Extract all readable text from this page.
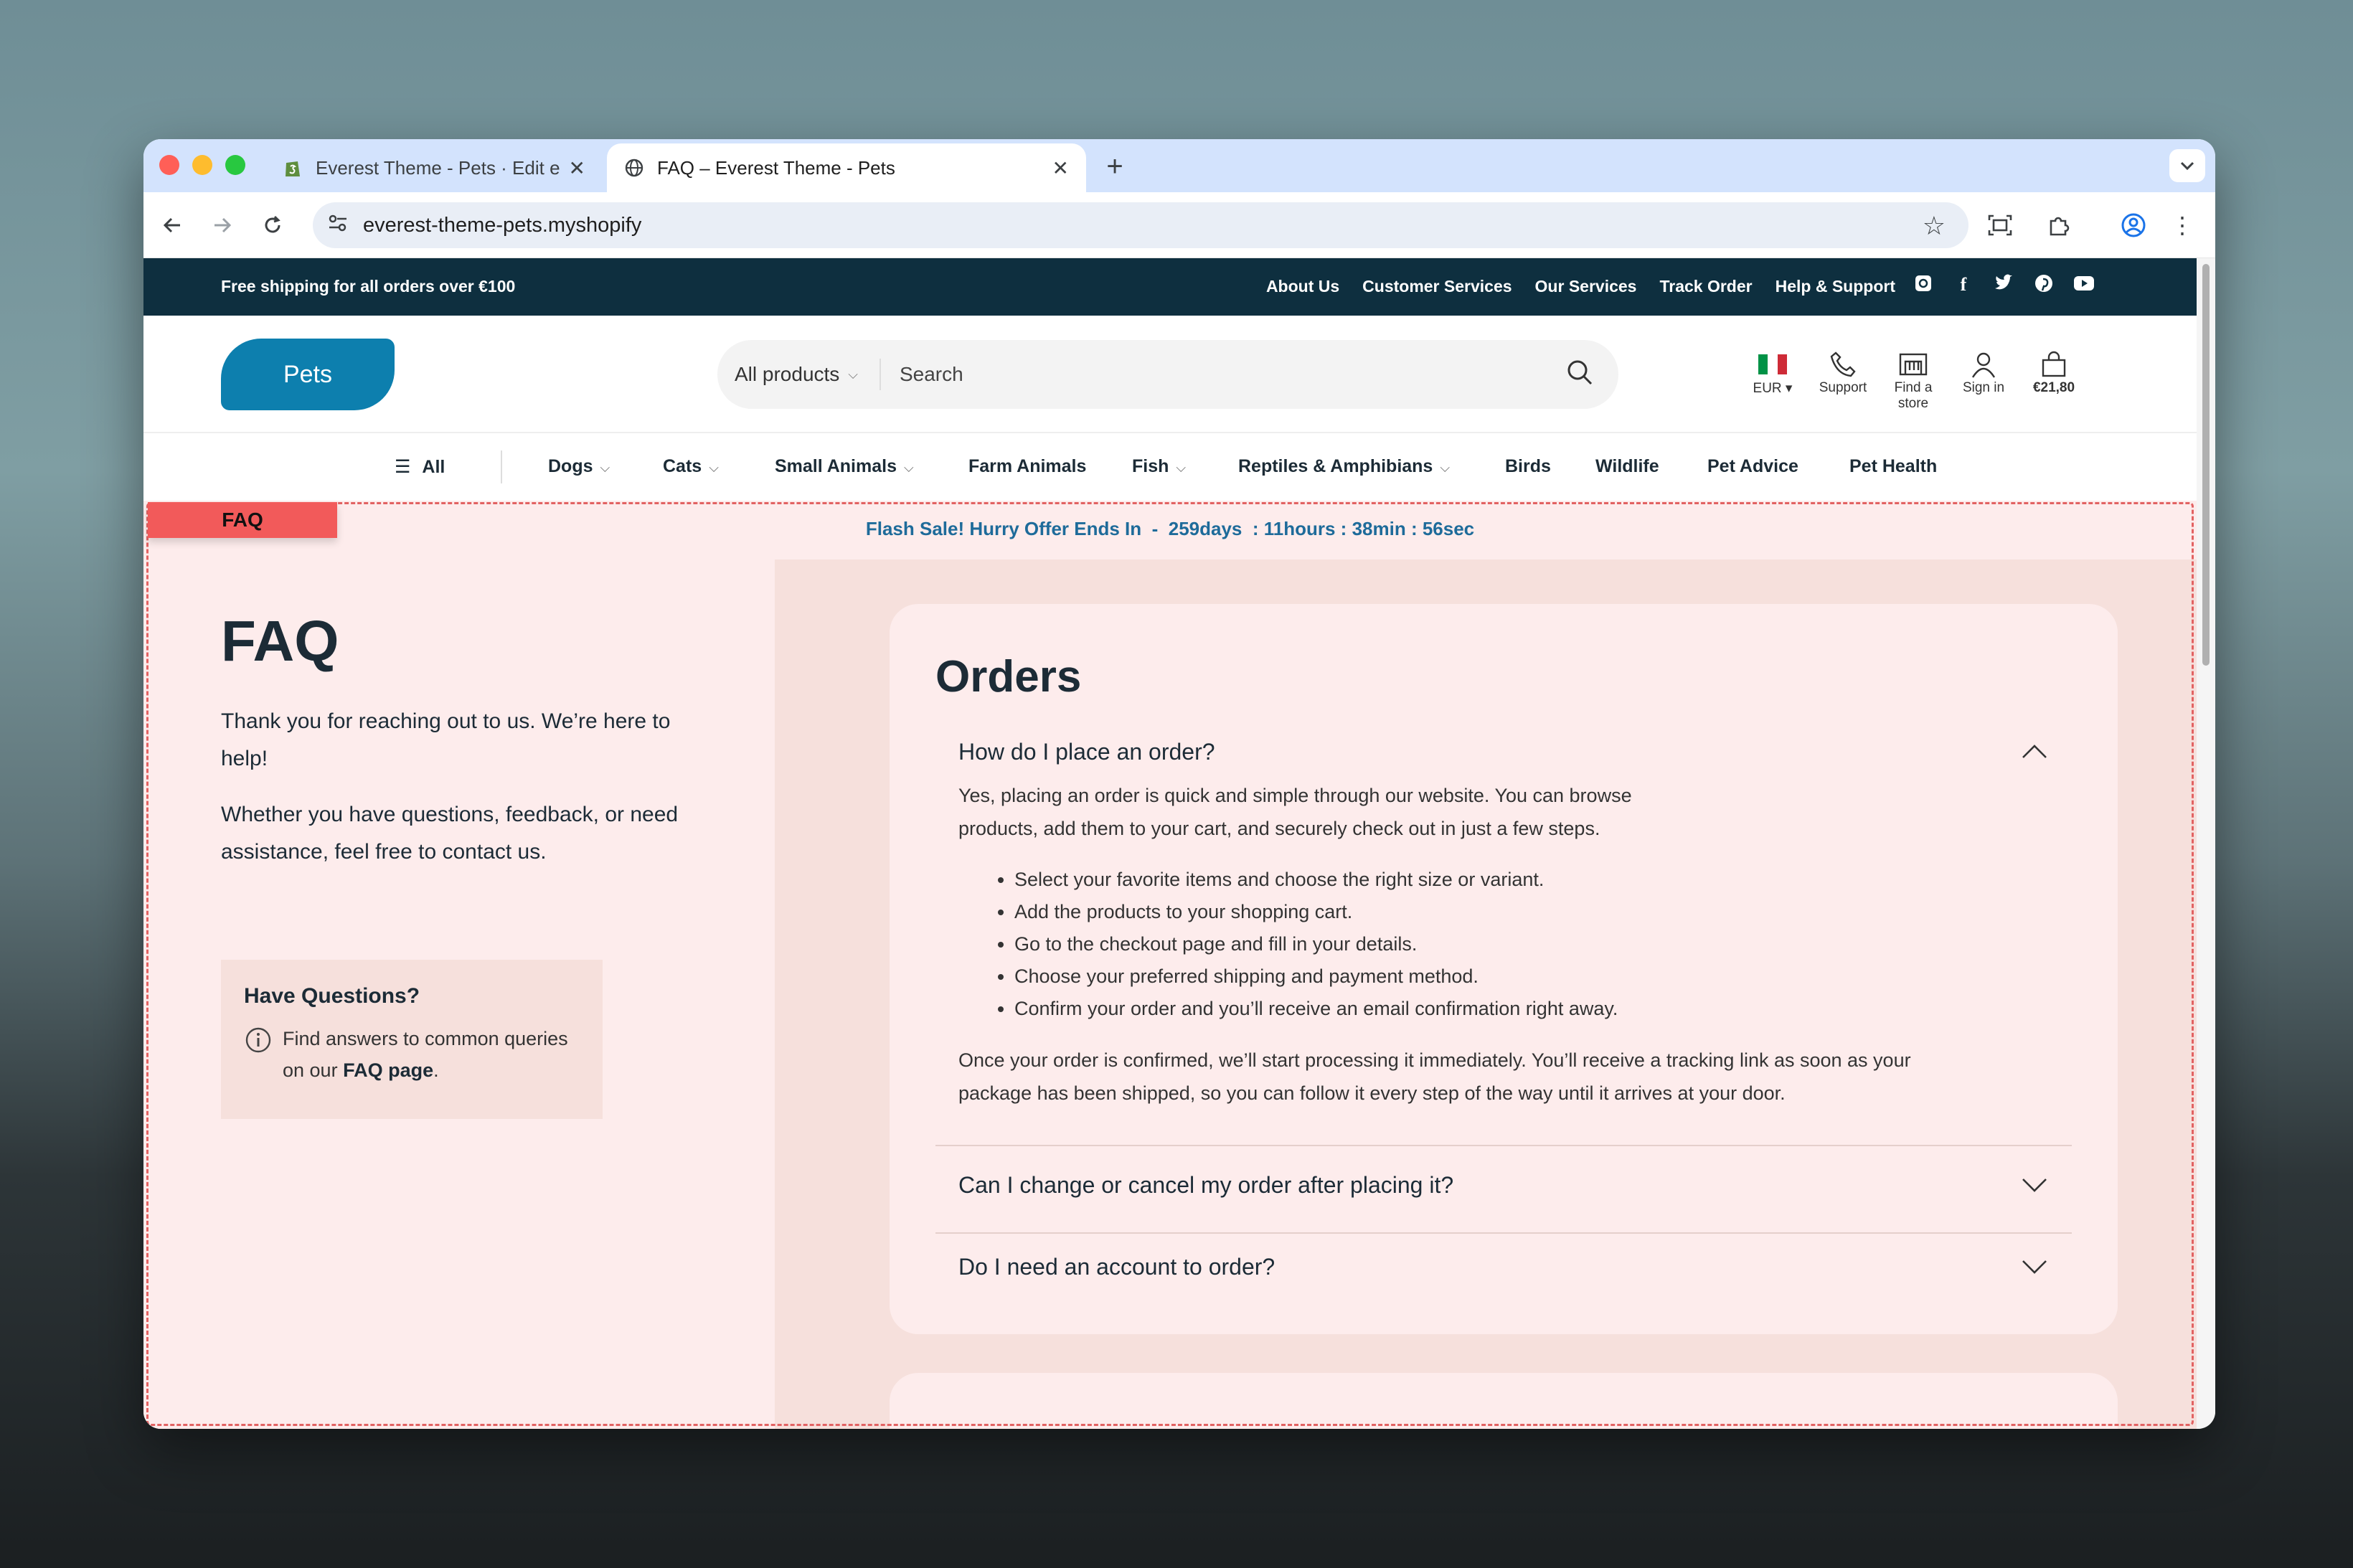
Everest Theme - Pets · Edit e ✕	FAQ – Everest Theme - Pets	✕	+
everest-theme-pets.myshopify	☆	⋮
Free shipping for all orders over €100	About Us Customer Services Our Services Track Order Help & Support	f
Pets	All products ⌵	Search
EUR ▾	Support	Find a store
Sign in	€21,80
☰ All	Dogs ⌵	Cats ⌵	Small Animals ⌵	Farm Animals	Fish ⌵	Reptiles & Amphibians ⌵	Birds Wildlife	Pet Advice	Pet Health
Flash Sale! Hurry Offer Ends In - 259days  : 11hours : 38min : 56sec
FAQ

Thank you for reaching out to us. We’re here to help!

Whether you have questions, feedback, or need assistance, feel free to contact us.

Have Questions?
Find answers to common queries on our FAQ page.
Orders
How do I place an order?

Yes, placing an order is quick and simple through our website. You can browse products, add them to your cart, and securely check out in just a few steps.

• Select your favorite items and choose the right size or variant.
• Add the products to your shopping cart.
• Go to the checkout page and fill in your details.
• Choose your preferred shipping and payment method.
• Confirm your order and you’ll receive an email confirmation right away.

Once your order is confirmed, we’ll start processing it immediately. You’ll receive a tracking link as soon as your package has been shipped, so you can follow it every step of the way until it arrives at your door.

Can I change or cancel my order after placing it?
Do I need an account to order?
FAQ
